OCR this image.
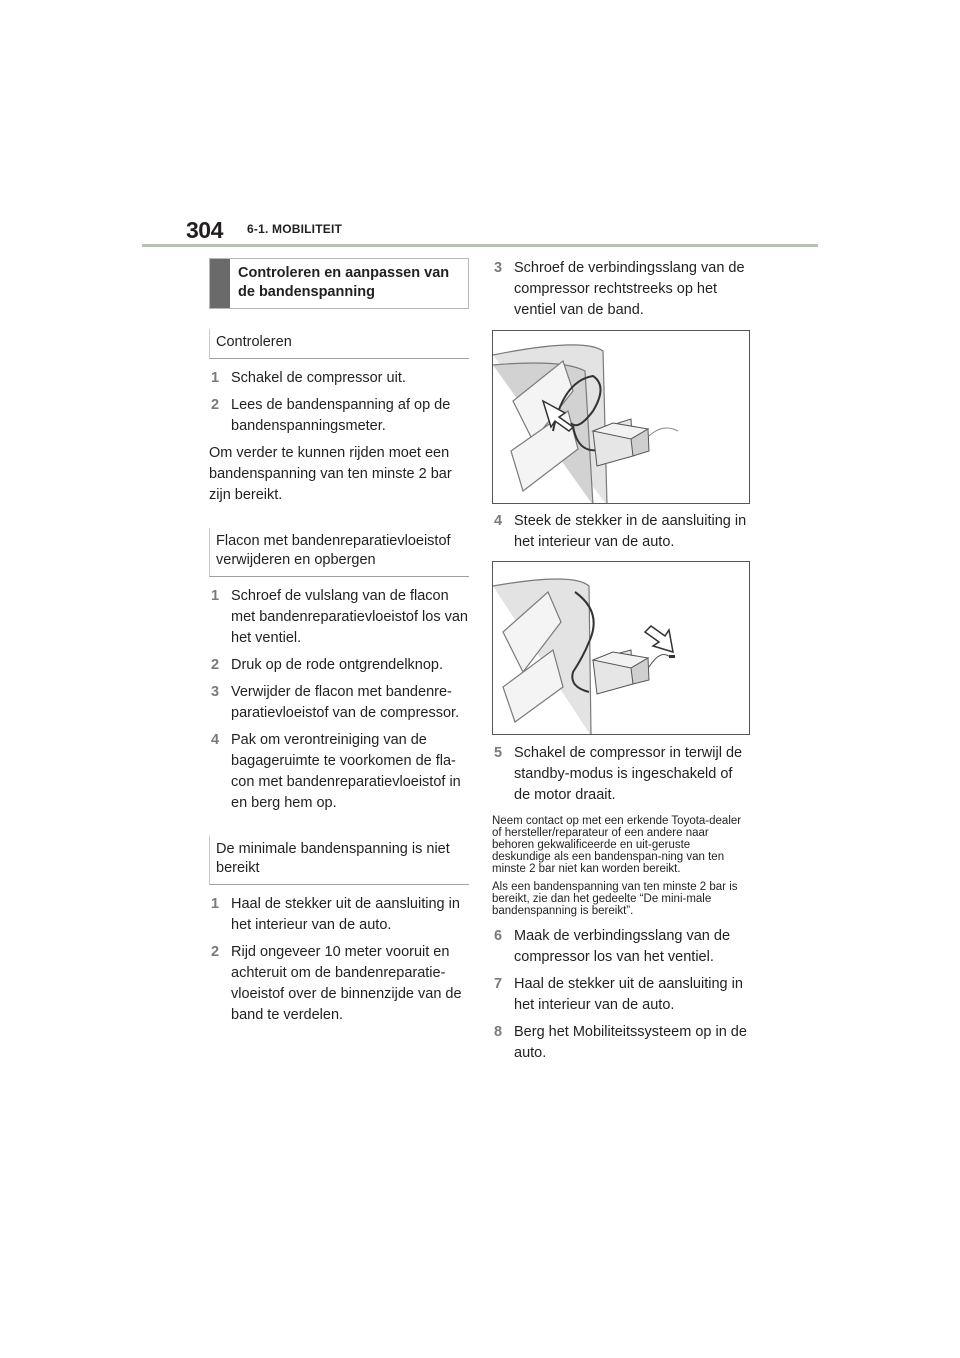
304 6-1. MOBILITEIT
Controleren en aanpassen van de bandenspanning
Controleren
1 Schakel de compressor uit.
2 Lees de bandenspanning af op de bandenspanningsmeter.
Om verder te kunnen rijden moet een bandenspanning van ten minste 2 bar zijn bereikt.
Flacon met bandenreparatievloeistof verwijderen en opbergen
1 Schroef de vulslang van de flacon met bandenreparatievloeistof los van het ventiel.
2 Druk op de rode ontgrendelknop.
3 Verwijder de flacon met bandenre-paratievloeistof van de compressor.
4 Pak om verontreiniging van de bagageruimte te voorkomen de fla-con met bandenreparatievloeistof in en berg hem op.
De minimale bandenspanning is niet bereikt
1 Haal de stekker uit de aansluiting in het interieur van de auto.
2 Rijd ongeveer 10 meter vooruit en achteruit om de bandenreparatie-vloeistof over de binnenzijde van de band te verdelen.
3 Schroef de verbindingsslang van de compressor rechtstreeks op het ventiel van de band.
4 Steek de stekker in de aansluiting in het interieur van de auto.
5 Schakel de compressor in terwijl de standby-modus is ingeschakeld of de motor draait.
Neem contact op met een erkende Toyota-dealer of hersteller/reparateur of een andere naar behoren gekwalificeerde en uit-geruste deskundige als een bandenspan-ning van ten minste 2 bar niet kan worden bereikt.
Als een bandenspanning van ten minste 2 bar is bereikt, zie dan het gedeelte “De mini-male bandenspanning is bereikt”.
6 Maak de verbindingsslang van de compressor los van het ventiel.
7 Haal de stekker uit de aansluiting in het interieur van de auto.
8 Berg het Mobiliteitssysteem op in de auto.
